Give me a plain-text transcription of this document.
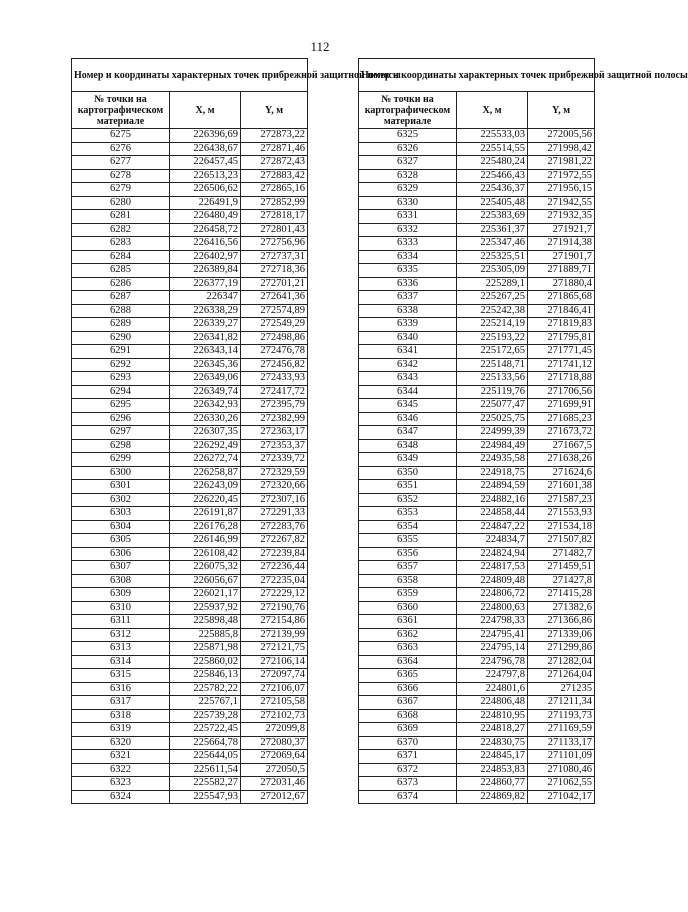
112
Номер и координаты характерных точек прибрежной защитной полосы		
№ точки на картографическом материале	X, м	Y, м
6275	226396,69	272873,22
6276	226438,67	272871,46
6277	226457,45	272872,43
6278	226513,23	272883,42
6279	226506,62	272865,16
6280	226491,9	272852,99
6281	226480,49	272818,17
6282	226458,72	272801,43
6283	226416,56	272756,96
6284	226402,97	272737,31
6285	226389,84	272718,36
6286	226377,19	272701,21
6287	226347	272641,36
6288	226338,29	272574,89
6289	226339,27	272549,29
6290	226341,82	272498,86
6291	226343,14	272476,78
6292	226345,36	272456,82
6293	226349,06	272433,93
6294	226349,74	272417,72
6295	226342,93	272395,79
6296	226330,26	272382,99
6297	226307,35	272363,17
6298	226292,49	272353,37
6299	226272,74	272339,72
6300	226258,87	272329,59
6301	226243,09	272320,66
6302	226220,45	272307,16
6303	226191,87	272291,33
6304	226176,28	272283,76
6305	226146,99	272267,82
6306	226108,42	272239,84
6307	226075,32	272236,44
6308	226056,67	272235,04
6309	226021,17	272229,12
6310	225937,92	272190,76
6311	225898,48	272154,86
6312	225885,8	272139,99
6313	225871,98	272121,75
6314	225860,02	272106,14
6315	225846,13	272097,74
6316	225782,22	272106,07
6317	225767,1	272105,58
6318	225739,28	272102,73
6319	225722,45	272099,8
6320	225664,78	272080,37
6321	225644,05	272069,64
6322	225611,54	272050,5
6323	225582,27	272031,46
6324	225547,93	272012,67
Номер и координаты характерных точек прибрежной защитной полосы		
№ точки на картографическом материале	X, м	Y, м
6325	225533,03	272005,56
6326	225514,55	271998,42
6327	225480,24	271981,22
6328	225466,43	271972,55
6329	225436,37	271956,15
6330	225405,48	271942,55
6331	225383,69	271932,35
6332	225361,37	271921,7
6333	225347,46	271914,38
6334	225325,51	271901,7
6335	225305,09	271889,71
6336	225289,1	271880,4
6337	225267,25	271865,68
6338	225242,38	271846,41
6339	225214,19	271819,83
6340	225193,22	271795,81
6341	225172,65	271771,45
6342	225148,71	271741,12
6343	225133,56	271718,88
6344	225119,76	271706,56
6345	225077,47	271699,91
6346	225025,75	271685,23
6347	224999,39	271673,72
6348	224984,49	271667,5
6349	224935,58	271638,26
6350	224918,75	271624,6
6351	224894,59	271601,38
6352	224882,16	271587,23
6353	224858,44	271553,93
6354	224847,22	271534,18
6355	224834,7	271507,82
6356	224824,94	271482,7
6357	224817,53	271459,51
6358	224809,48	271427,8
6359	224806,72	271415,28
6360	224800,63	271382,6
6361	224798,33	271366,86
6362	224795,41	271339,06
6363	224795,14	271299,86
6364	224796,78	271282,04
6365	224797,8	271264,04
6366	224801,6	271235
6367	224806,48	271211,34
6368	224810,95	271193,73
6369	224818,27	271169,59
6370	224830,75	271133,17
6371	224845,17	271101,09
6372	224853,83	271080,46
6373	224860,77	271062,55
6374	224869,82	271042,17
